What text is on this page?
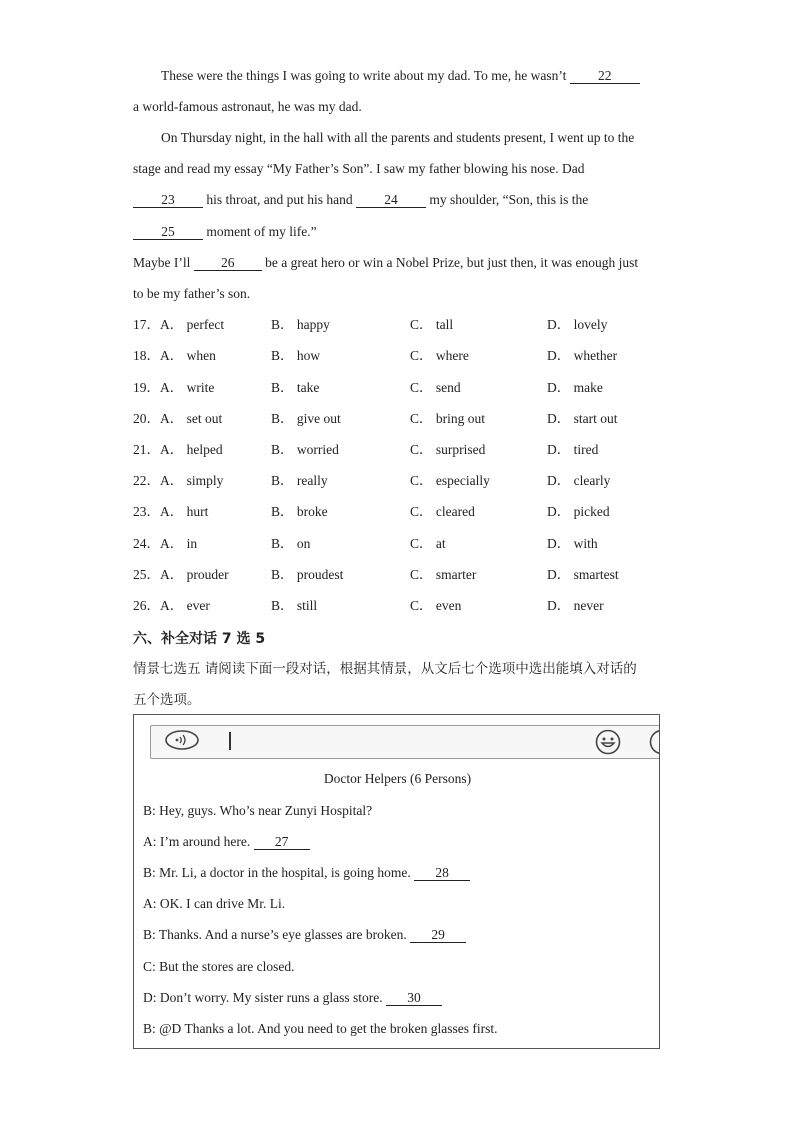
These were the things I was going to write about my dad. To me, he wasn’t 22
a world-famous astronaut, he was my dad.
On Thursday night, in the hall with all the parents and students present, I went up to the
stage and read my essay “My Father’s Son”. I saw my father blowing his nose. Dad
23 his throat, and put his hand 24 my shoulder, “Son, this is the
25 moment of my life.”
Maybe I’ll 26 be a great hero or win a Nobel Prize, but just then, it was enough just
to be my father’s son.
17． A． perfect	B． happy	C． tall	D． lovely
18． A． when	B． how	C． where	D． whether
19． A． write	B． take	C． send	D． make
20． A． set out	B． give out	C． bring out	D． start out
21． A． helped	B． worried	C． surprised	D． tired
22． A． simply	B． really	C． especially	D． clearly
23． A． hurt	B． broke	C． cleared	D． picked
24． A． in	B． on	C． at	D． with
25． A． prouder	B． proudest	C． smarter	D． smartest
26． A． ever	B． still	C． even	D． never
六、补全对话 7 选 5
情景七选五 请阅读下面一段对话，根据其情景，从文后七个选项中选出能填入对话的
五个选项。
Doctor Helpers (6 Persons)
B: Hey, guys. Who’s near Zunyi Hospital?
A: I’m around here. 27
B: Mr. Li, a doctor in the hospital, is going home. 28
A: OK. I can drive Mr. Li.
B: Thanks. And a nurse’s eye glasses are broken. 29
C: But the stores are closed.
D: Don’t worry. My sister runs a glass store. 30
B: @D Thanks a lot. And you need to get the broken glasses first.
